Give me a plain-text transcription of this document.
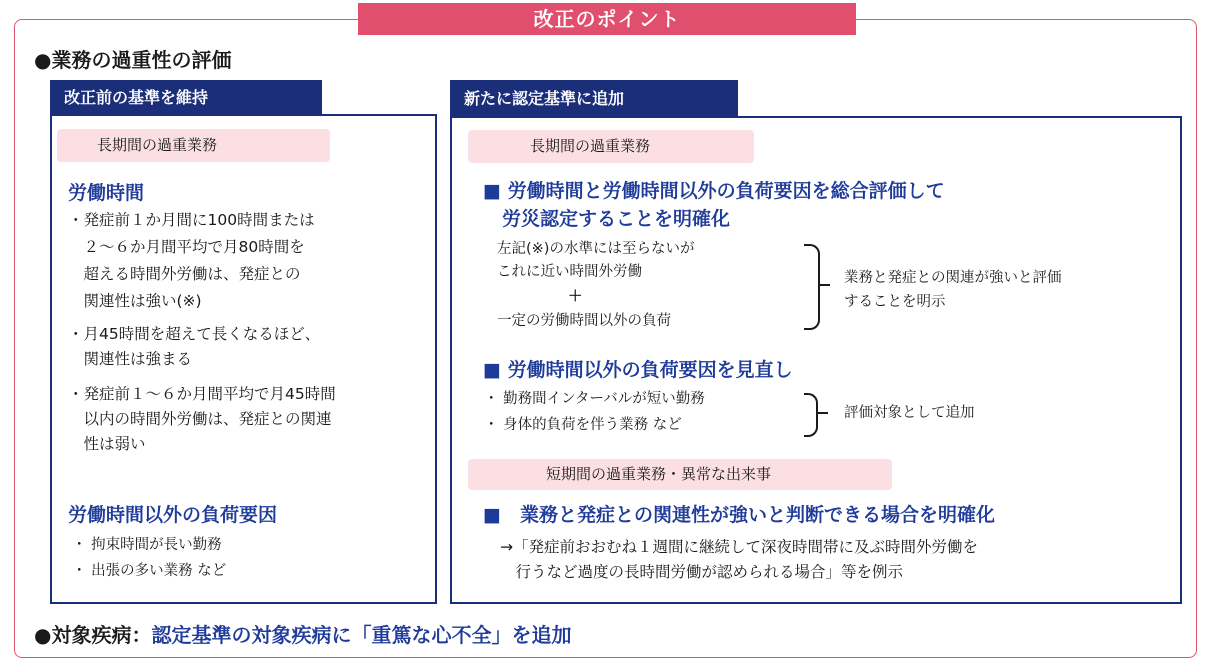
改正のポイント
●業務の過重性の評価
改正前の基準を維持
長期間の過重業務
労働時間
・発症前１か月間に100時間または
　２～６か月間平均で月80時間を
　超える時間外労働は、発症との
　関連性は強い(※)
・月45時間を超えて長くなるほど、
　関連性は強まる
・発症前１～６か月間平均で月45時間
　以内の時間外労働は、発症との関連
　性は弱い
労働時間以外の負荷要因
・ 拘束時間が長い勤務
・ 出張の多い業務 など
新たに認定基準に追加
長期間の過重業務
■ 労働時間と労働時間以外の負荷要因を総合評価して
　労災認定することを明確化
左記(※)の水準には至らないが
これに近い時間外労働
＋
一定の労働時間以外の負荷
業務と発症との関連が強いと評価
することを明示
■ 労働時間以外の負荷要因を見直し
・ 勤務間インターバルが短い勤務
・ 身体的負荷を伴う業務 など
評価対象として追加
短期間の過重業務・異常な出来事
■　業務と発症との関連性が強いと判断できる場合を明確化
→「発症前おおむね１週間に継続して深夜時間帯に及ぶ時間外労働を
　行うなど過度の長時間労働が認められる場合」等を例示
●対象疾病：認定基準の対象疾病に「重篤な心不全」を追加
